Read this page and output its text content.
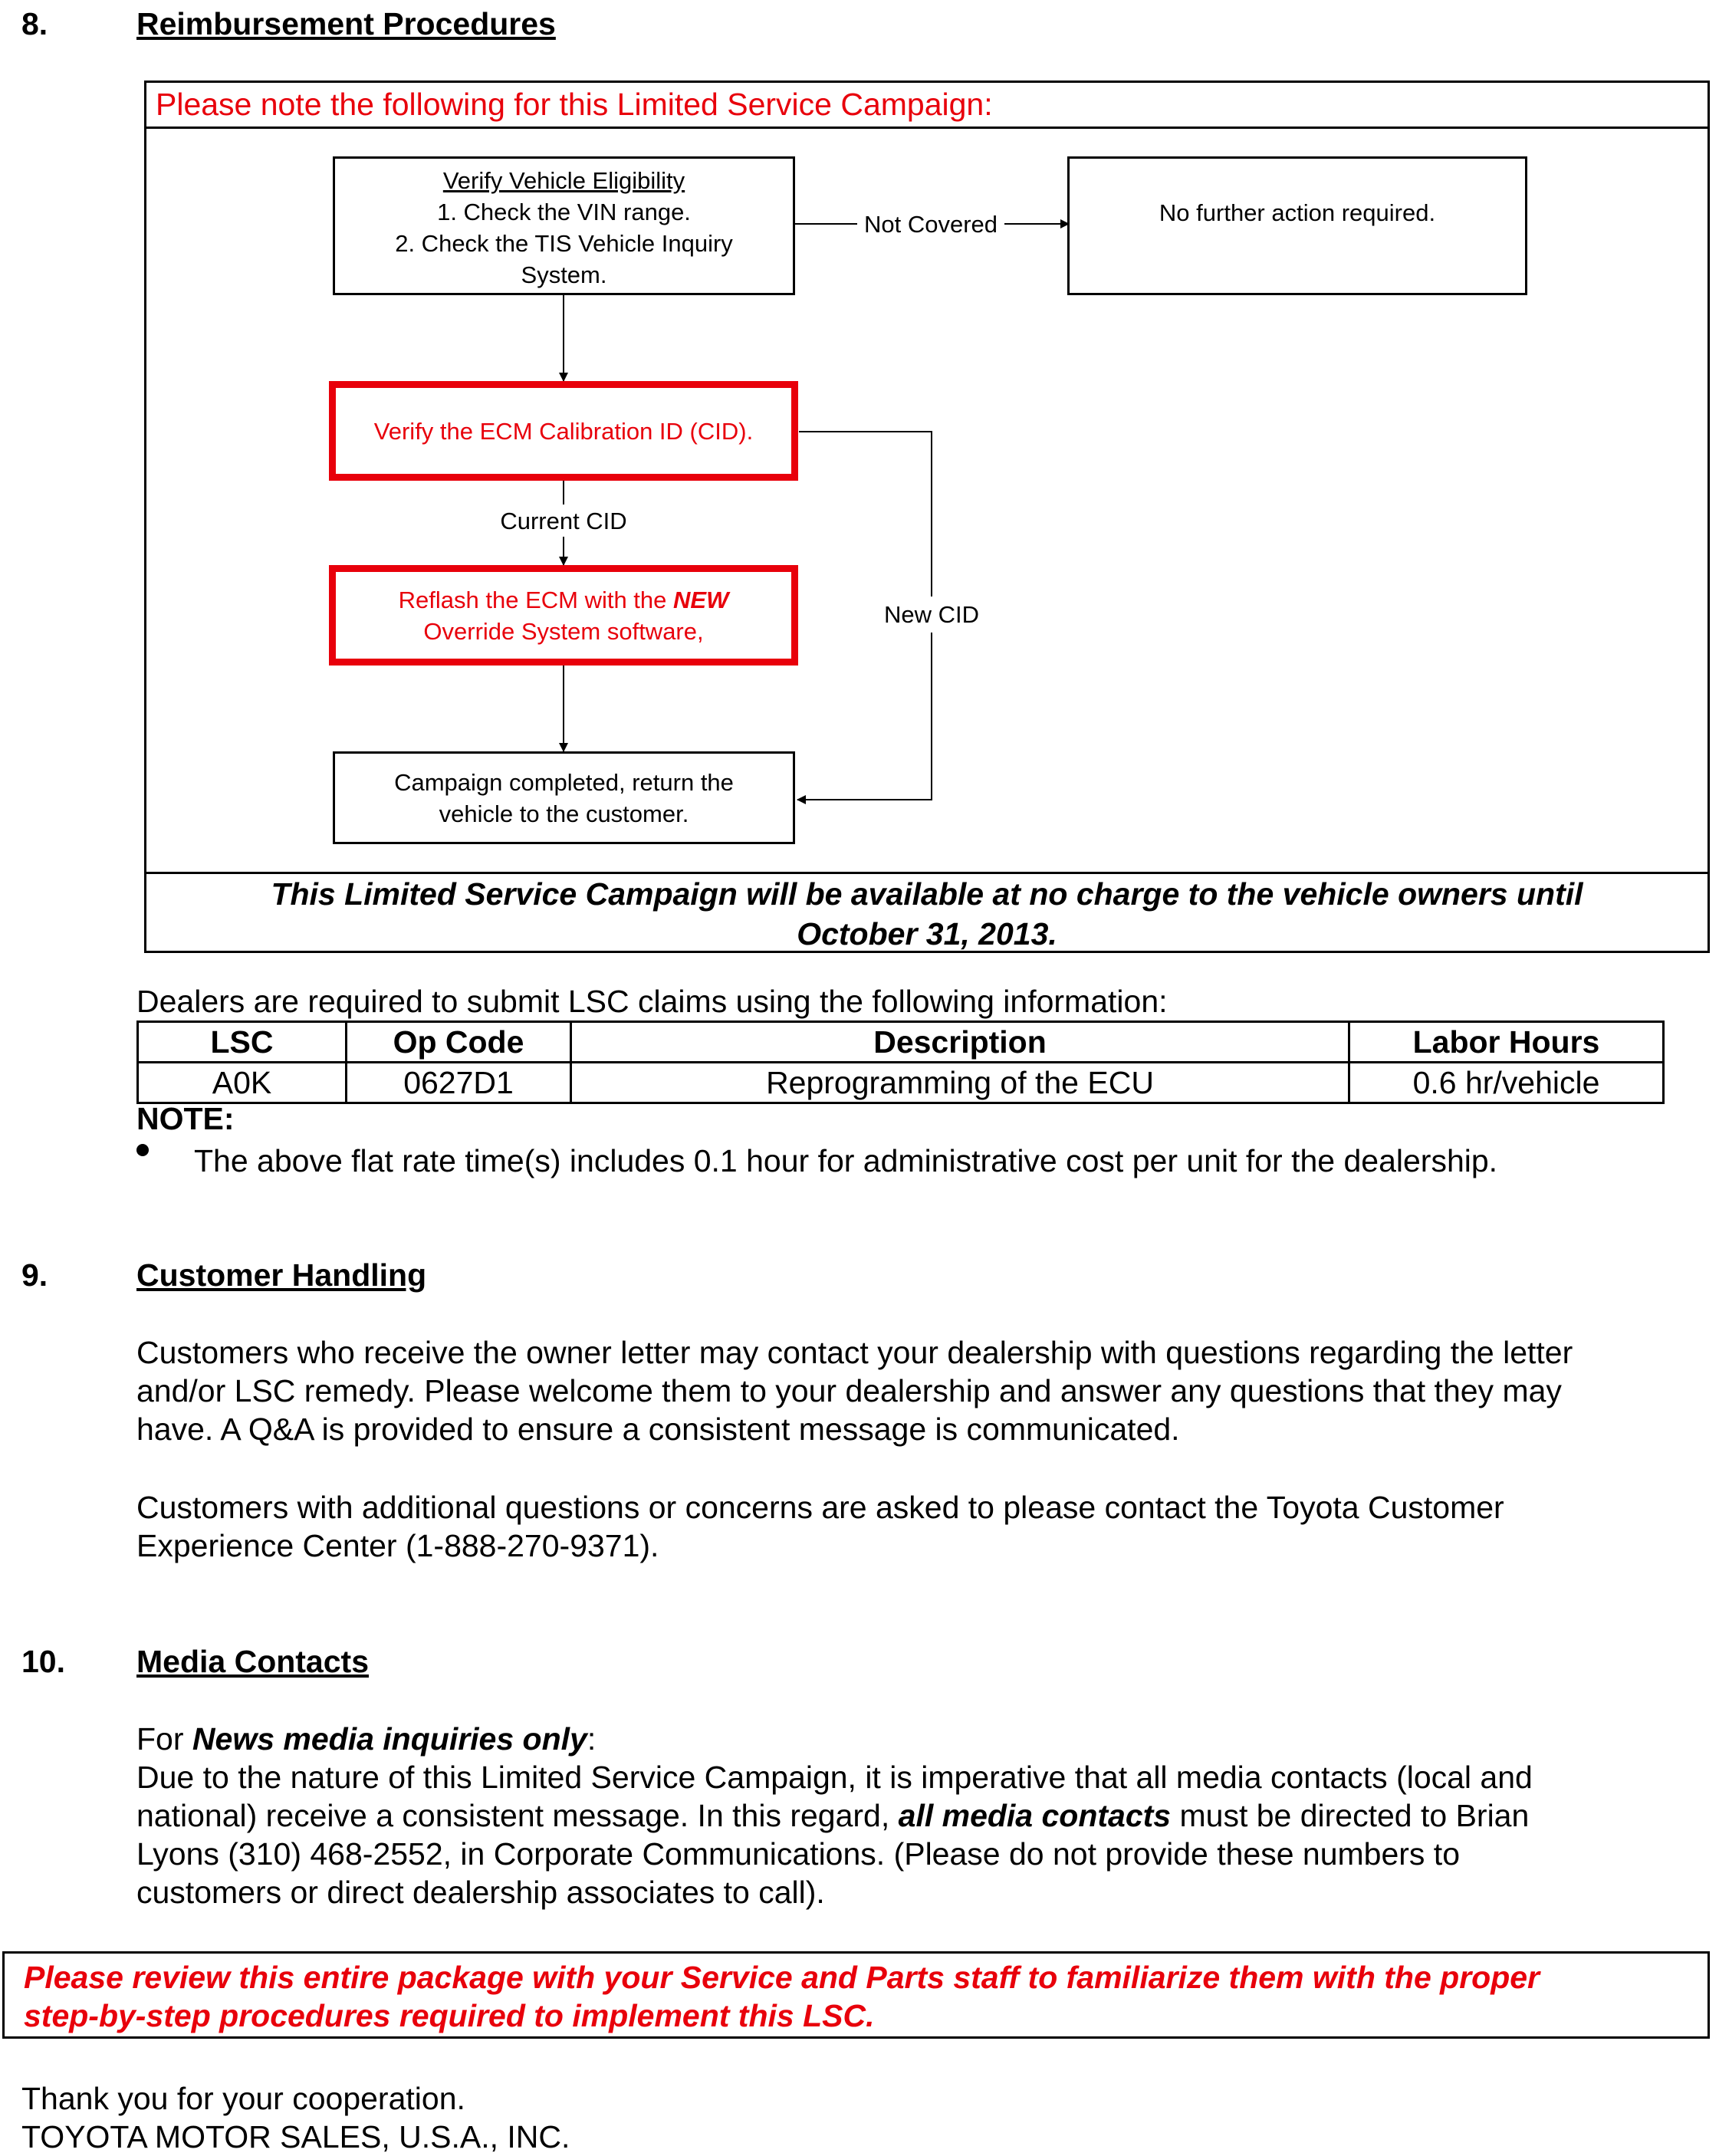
8.	Reimbursement Procedures
Please note the following for this Limited Service Campaign:
Verify Vehicle Eligibility
1. Check the VIN range.
2. Check the TIS Vehicle Inquiry
System.
Not Covered	No further action required.
Verify the ECM Calibration ID (CID).
Current CID
Reflash the ECM with the NEW
Override System software,
New CID
Campaign completed, return the
vehicle to the customer.
This Limited Service Campaign will be available at no charge to the vehicle owners until
October 31, 2013.
Dealers are required to submit LSC claims using the following information:
LSC	Op Code	Description	Labor Hours
A0K	0627D1	Reprogramming of the ECU	0.6 hr/vehicle
NOTE:
The above flat rate time(s) includes 0.1 hour for administrative cost per unit for the dealership.
9.	Customer Handling
Customers who receive the owner letter may contact your dealership with questions regarding the letter
and/or LSC remedy. Please welcome them to your dealership and answer any questions that they may
have. A Q&A is provided to ensure a consistent message is communicated.
Customers with additional questions or concerns are asked to please contact the Toyota Customer
Experience Center (1-888-270-9371).
10. Media Contacts
For News media inquiries only:
Due to the nature of this Limited Service Campaign, it is imperative that all media contacts (local and
national) receive a consistent message. In this regard, all media contacts must be directed to Brian
Lyons (310) 468-2552, in Corporate Communications. (Please do not provide these numbers to
customers or direct dealership associates to call).
Please review this entire package with your Service and Parts staff to familiarize them with the proper
step-by-step procedures required to implement this LSC.
Thank you for your cooperation.
TOYOTA MOTOR SALES, U.S.A., INC.
